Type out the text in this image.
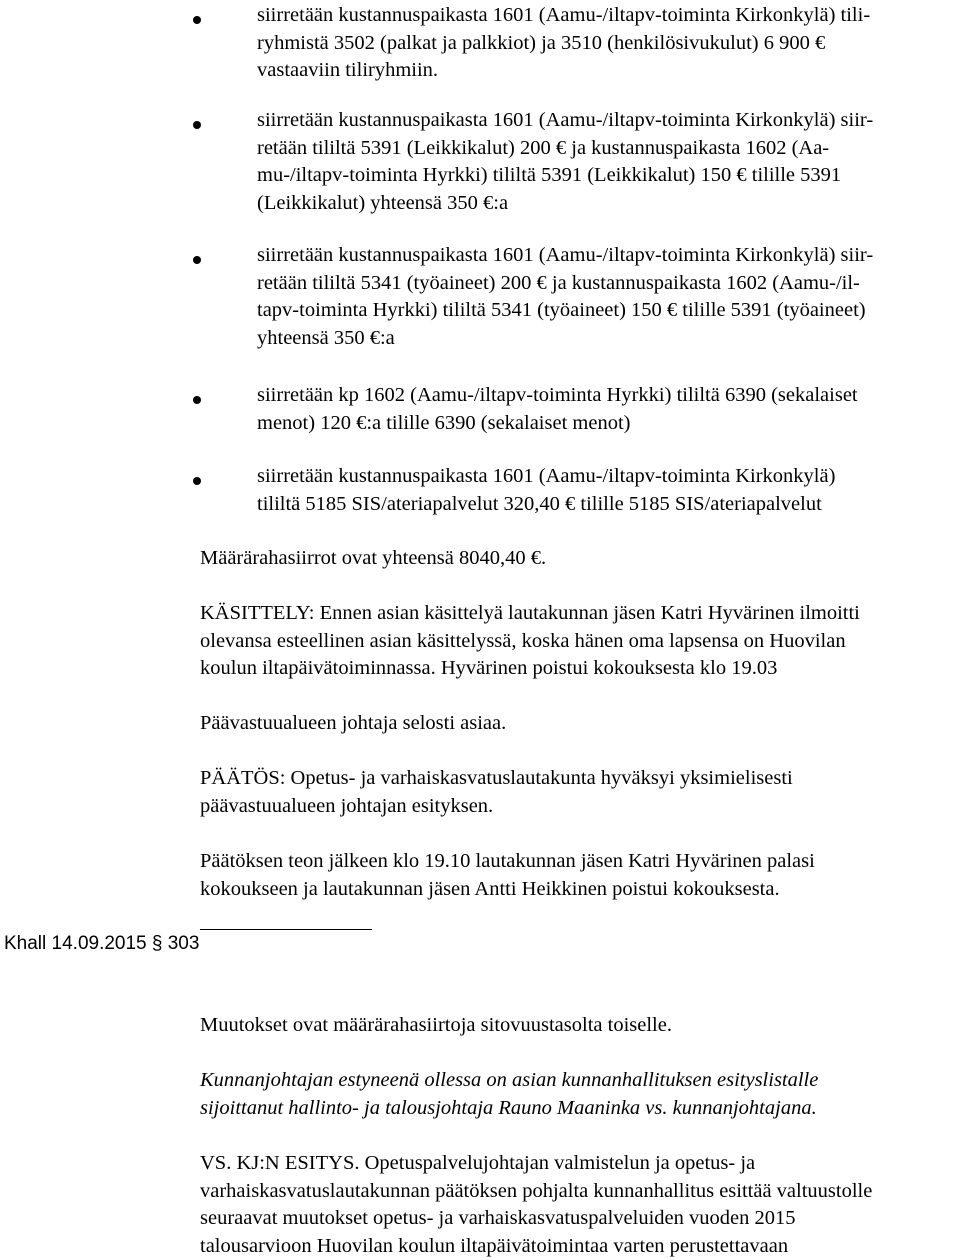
siirretään kustannuspaikasta 1601 (Aamu-/iltapv-toiminta Kirkonkylä) tili-
ryhmistä 3502 (palkat ja palkkiot) ja 3510 (henkilösivukulut) 6 900 €
vastaaviin tiliryhmiin.
siirretään kustannuspaikasta 1601 (Aamu-/iltapv-toiminta Kirkonkylä) siir-
retään tililtä 5391 (Leikkikalut) 200 € ja kustannuspaikasta 1602 (Aa-
mu-/iltapv-toiminta Hyrkki) tililtä 5391 (Leikkikalut) 150 € tilille 5391
(Leikkikalut) yhteensä 350 €:a
siirretään kustannuspaikasta 1601 (Aamu-/iltapv-toiminta Kirkonkylä) siir-
retään tililtä 5341 (työaineet) 200 € ja kustannuspaikasta 1602 (Aamu-/il-
tapv-toiminta Hyrkki) tililtä 5341 (työaineet) 150 € tilille 5391 (työaineet)
yhteensä 350 €:a
siirretään kp 1602 (Aamu-/iltapv-toiminta Hyrkki) tililtä 6390 (sekalaiset
menot) 120 €:a tilille 6390 (sekalaiset menot)
siirretään kustannuspaikasta 1601 (Aamu-/iltapv-toiminta Kirkonkylä)
tililtä 5185 SIS/ateriapalvelut 320,40 € tilille 5185 SIS/ateriapalvelut
Määrärahasiirrot ovat yhteensä 8040,40 €.
KÄSITTELY: Ennen asian käsittelyä lautakunnan jäsen Katri Hyvärinen ilmoitti
olevansa esteellinen asian käsittelyssä, koska hänen oma lapsensa on Huovilan
koulun iltapäivätoiminnassa. Hyvärinen poistui kokouksesta klo 19.03
Päävastuualueen johtaja selosti asiaa.
PÄÄTÖS: Opetus- ja varhaiskasvatuslautakunta hyväksyi yksimielisesti
päävastuualueen johtajan esityksen.
Päätöksen teon jälkeen klo 19.10 lautakunnan jäsen Katri Hyvärinen palasi
kokoukseen ja lautakunnan jäsen Antti Heikkinen poistui kokouksesta.
Khall 14.09.2015 § 303
Muutokset ovat määrärahasiirtoja sitovuustasolta toiselle.
Kunnanjohtajan estyneenä ollessa on asian kunnanhallituksen esityslistalle
sijoittanut hallinto- ja talousjohtaja Rauno Maaninka vs. kunnanjohtajana.
VS. KJ:N ESITYS. Opetuspalvelujohtajan valmistelun ja opetus- ja
varhaiskasvatuslautakunnan päätöksen pohjalta kunnanhallitus esittää valtuustolle
seuraavat muutokset opetus- ja varhaiskasvatuspalveluiden vuoden 2015
talousarvioon Huovilan koulun iltapäivätoimintaa varten perustettavaan
